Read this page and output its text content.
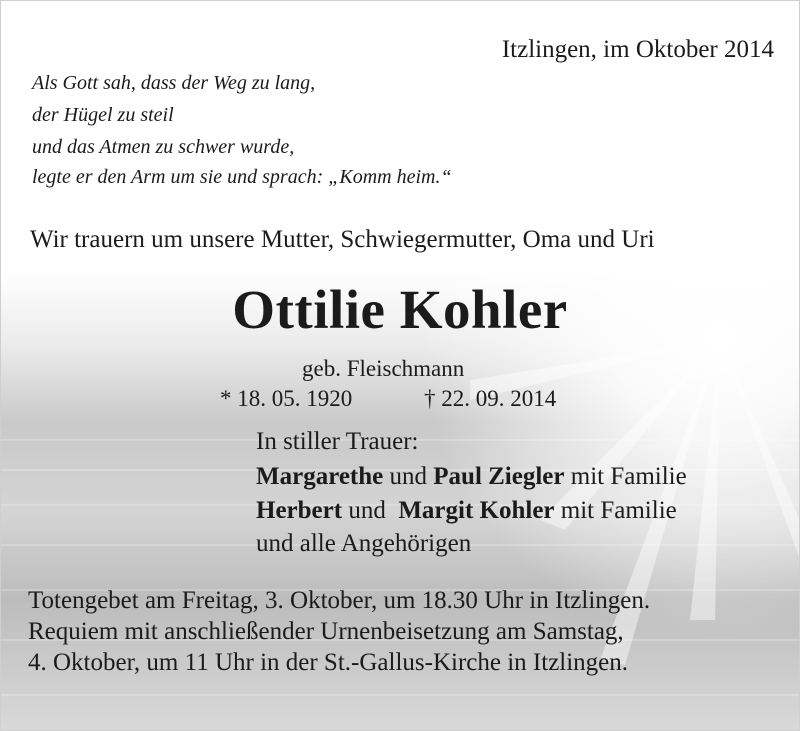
Itzlingen, im Oktober 2014
Als Gott sah, dass der Weg zu lang,
der Hügel zu steil
und das Atmen zu schwer wurde,
legte er den Arm um sie und sprach: „Komm heim.“
Wir trauern um unsere Mutter, Schwiegermutter, Oma und Uri
Ottilie Kohler
geb. Fleischmann
* 18. 05. 1920	† 22. 09. 2014
In stiller Trauer:
Margarethe und Paul Ziegler mit Familie
Herbert und  Margit Kohler mit Familie
und alle Angehörigen
Totengebet am Freitag, 3. Oktober, um 18.30 Uhr in Itzlingen.
Requiem mit anschließender Urnenbeisetzung am Samstag,
4. Oktober, um 11 Uhr in der St.-Gallus-Kirche in Itzlingen.
